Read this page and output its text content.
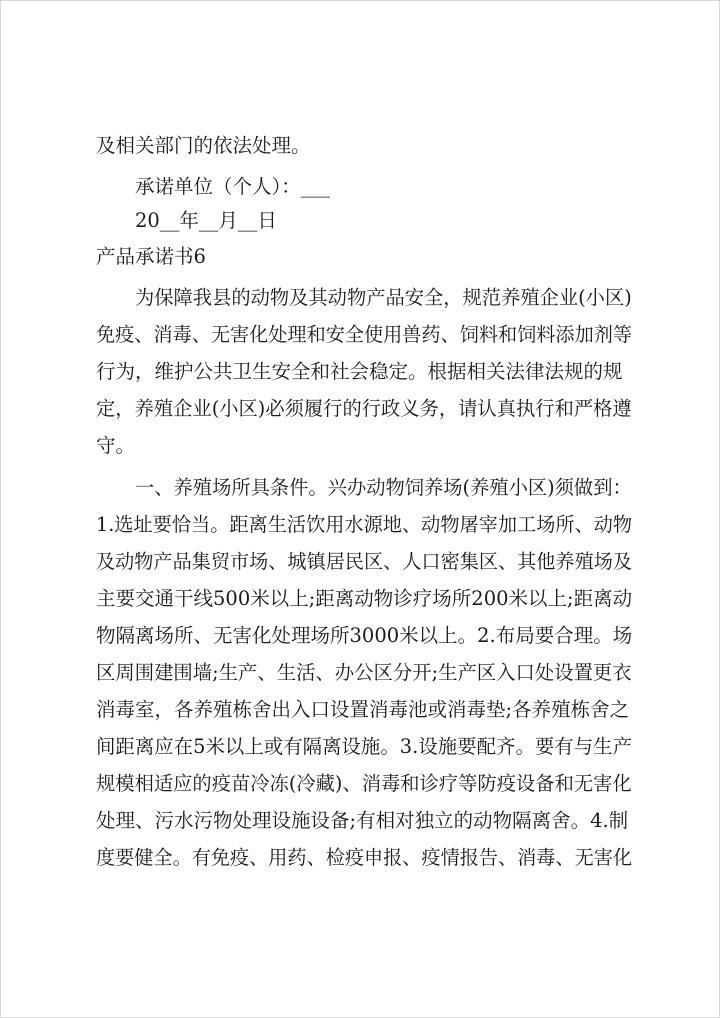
及相关部门的依法处理。
承诺单位（个人）：___
20__年__月__日
产品承诺书6
为保障我县的动物及其动物产品安全，规范养殖企业(小区)
免疫、消毒、无害化处理和安全使用兽药、饲料和饲料添加剂等
行为，维护公共卫生安全和社会稳定。根据相关法律法规的规
定，养殖企业(小区)必须履行的行政义务，请认真执行和严格遵
守。
一、养殖场所具条件。兴办动物饲养场(养殖小区)须做到：
1.选址要恰当。距离生活饮用水源地、动物屠宰加工场所、动物
及动物产品集贸市场、城镇居民区、人口密集区、其他养殖场及
主要交通干线500米以上;距离动物诊疗场所200米以上;距离动
物隔离场所、无害化处理场所3000米以上。2.布局要合理。场
区周围建围墙;生产、生活、办公区分开;生产区入口处设置更衣
消毒室，各养殖栋舍出入口设置消毒池或消毒垫;各养殖栋舍之
间距离应在5米以上或有隔离设施。3.设施要配齐。要有与生产
规模相适应的疫苗冷冻(冷藏)、消毒和诊疗等防疫设备和无害化
处理、污水污物处理设施设备;有相对独立的动物隔离舍。4.制
度要健全。有免疫、用药、检疫申报、疫情报告、消毒、无害化
